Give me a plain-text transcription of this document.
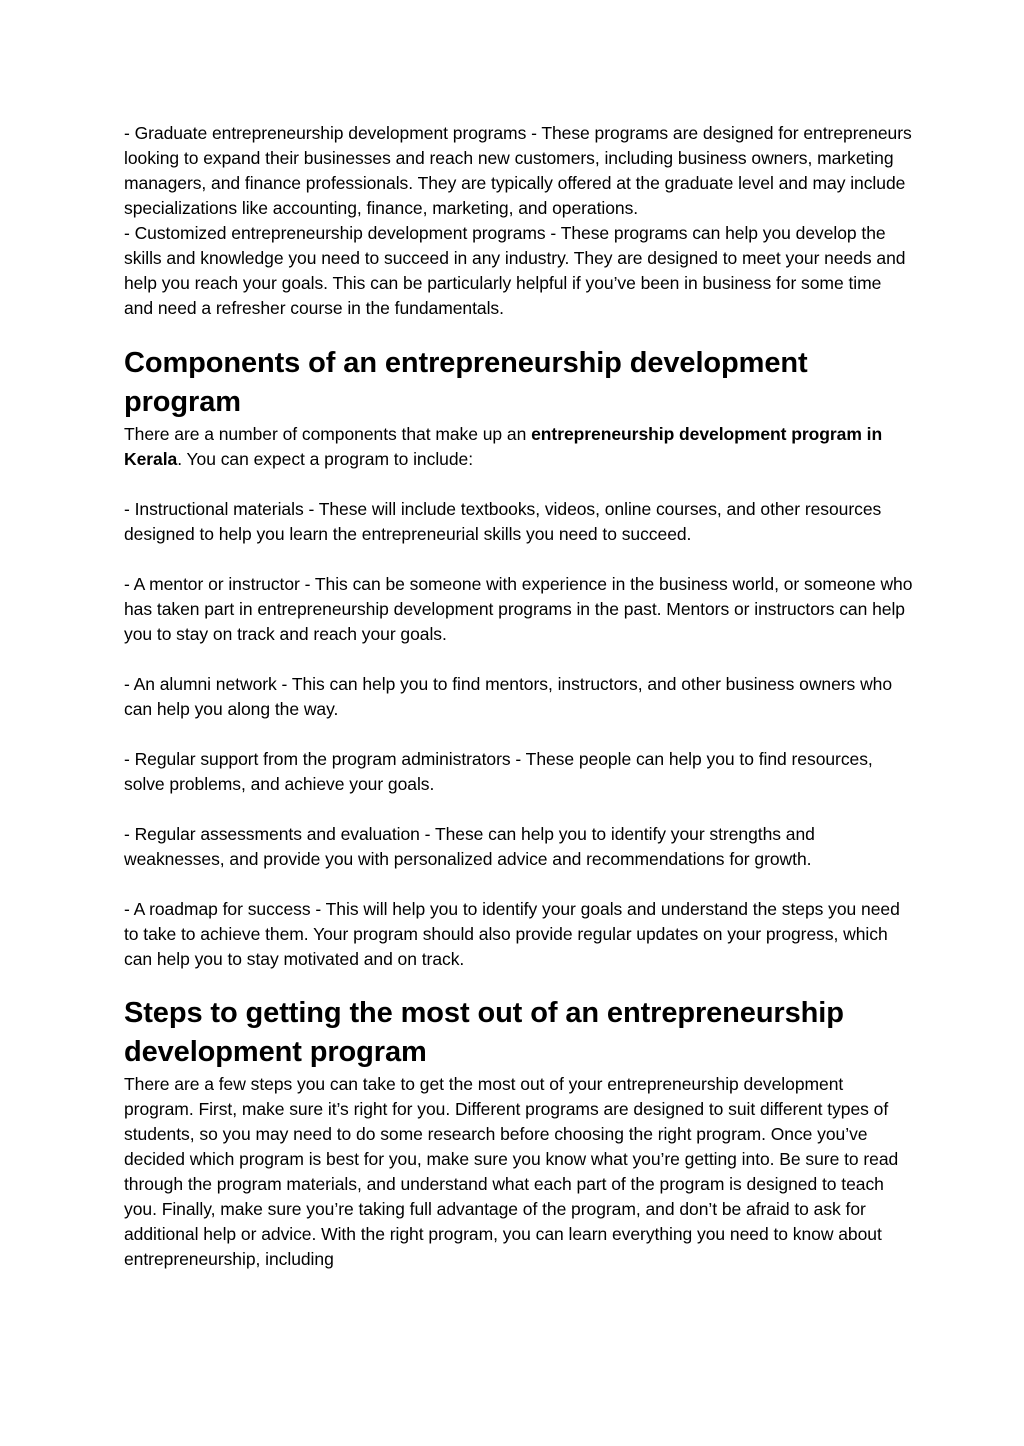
- Graduate entrepreneurship development programs - These programs are designed for entrepreneurs looking to expand their businesses and reach new customers, including business owners, marketing managers, and finance professionals. They are typically offered at the graduate level and may include specializations like accounting, finance, marketing, and operations.

- Customized entrepreneurship development programs - These programs can help you develop the skills and knowledge you need to succeed in any industry. They are designed to meet your needs and help you reach your goals. This can be particularly helpful if you’ve been in business for some time and need a refresher course in the fundamentals.

Components of an entrepreneurship development program

There are a number of components that make up an entrepreneurship development program in Kerala. You can expect a program to include:

- Instructional materials - These will include textbooks, videos, online courses, and other resources designed to help you learn the entrepreneurial skills you need to succeed.

- A mentor or instructor - This can be someone with experience in the business world, or someone who has taken part in entrepreneurship development programs in the past. Mentors or instructors can help you to stay on track and reach your goals.

- An alumni network - This can help you to find mentors, instructors, and other business owners who can help you along the way.

- Regular support from the program administrators - These people can help you to find resources, solve problems, and achieve your goals.

- Regular assessments and evaluation - These can help you to identify your strengths and weaknesses, and provide you with personalized advice and recommendations for growth.

- A roadmap for success - This will help you to identify your goals and understand the steps you need to take to achieve them. Your program should also provide regular updates on your progress, which can help you to stay motivated and on track.

Steps to getting the most out of an entrepreneurship development program

There are a few steps you can take to get the most out of your entrepreneurship development program. First, make sure it’s right for you. Different programs are designed to suit different types of students, so you may need to do some research before choosing the right program. Once you’ve decided which program is best for you, make sure you know what you’re getting into. Be sure to read through the program materials, and understand what each part of the program is designed to teach you. Finally, make sure you’re taking full advantage of the program, and don’t be afraid to ask for additional help or advice. With the right program, you can learn everything you need to know about entrepreneurship, including
